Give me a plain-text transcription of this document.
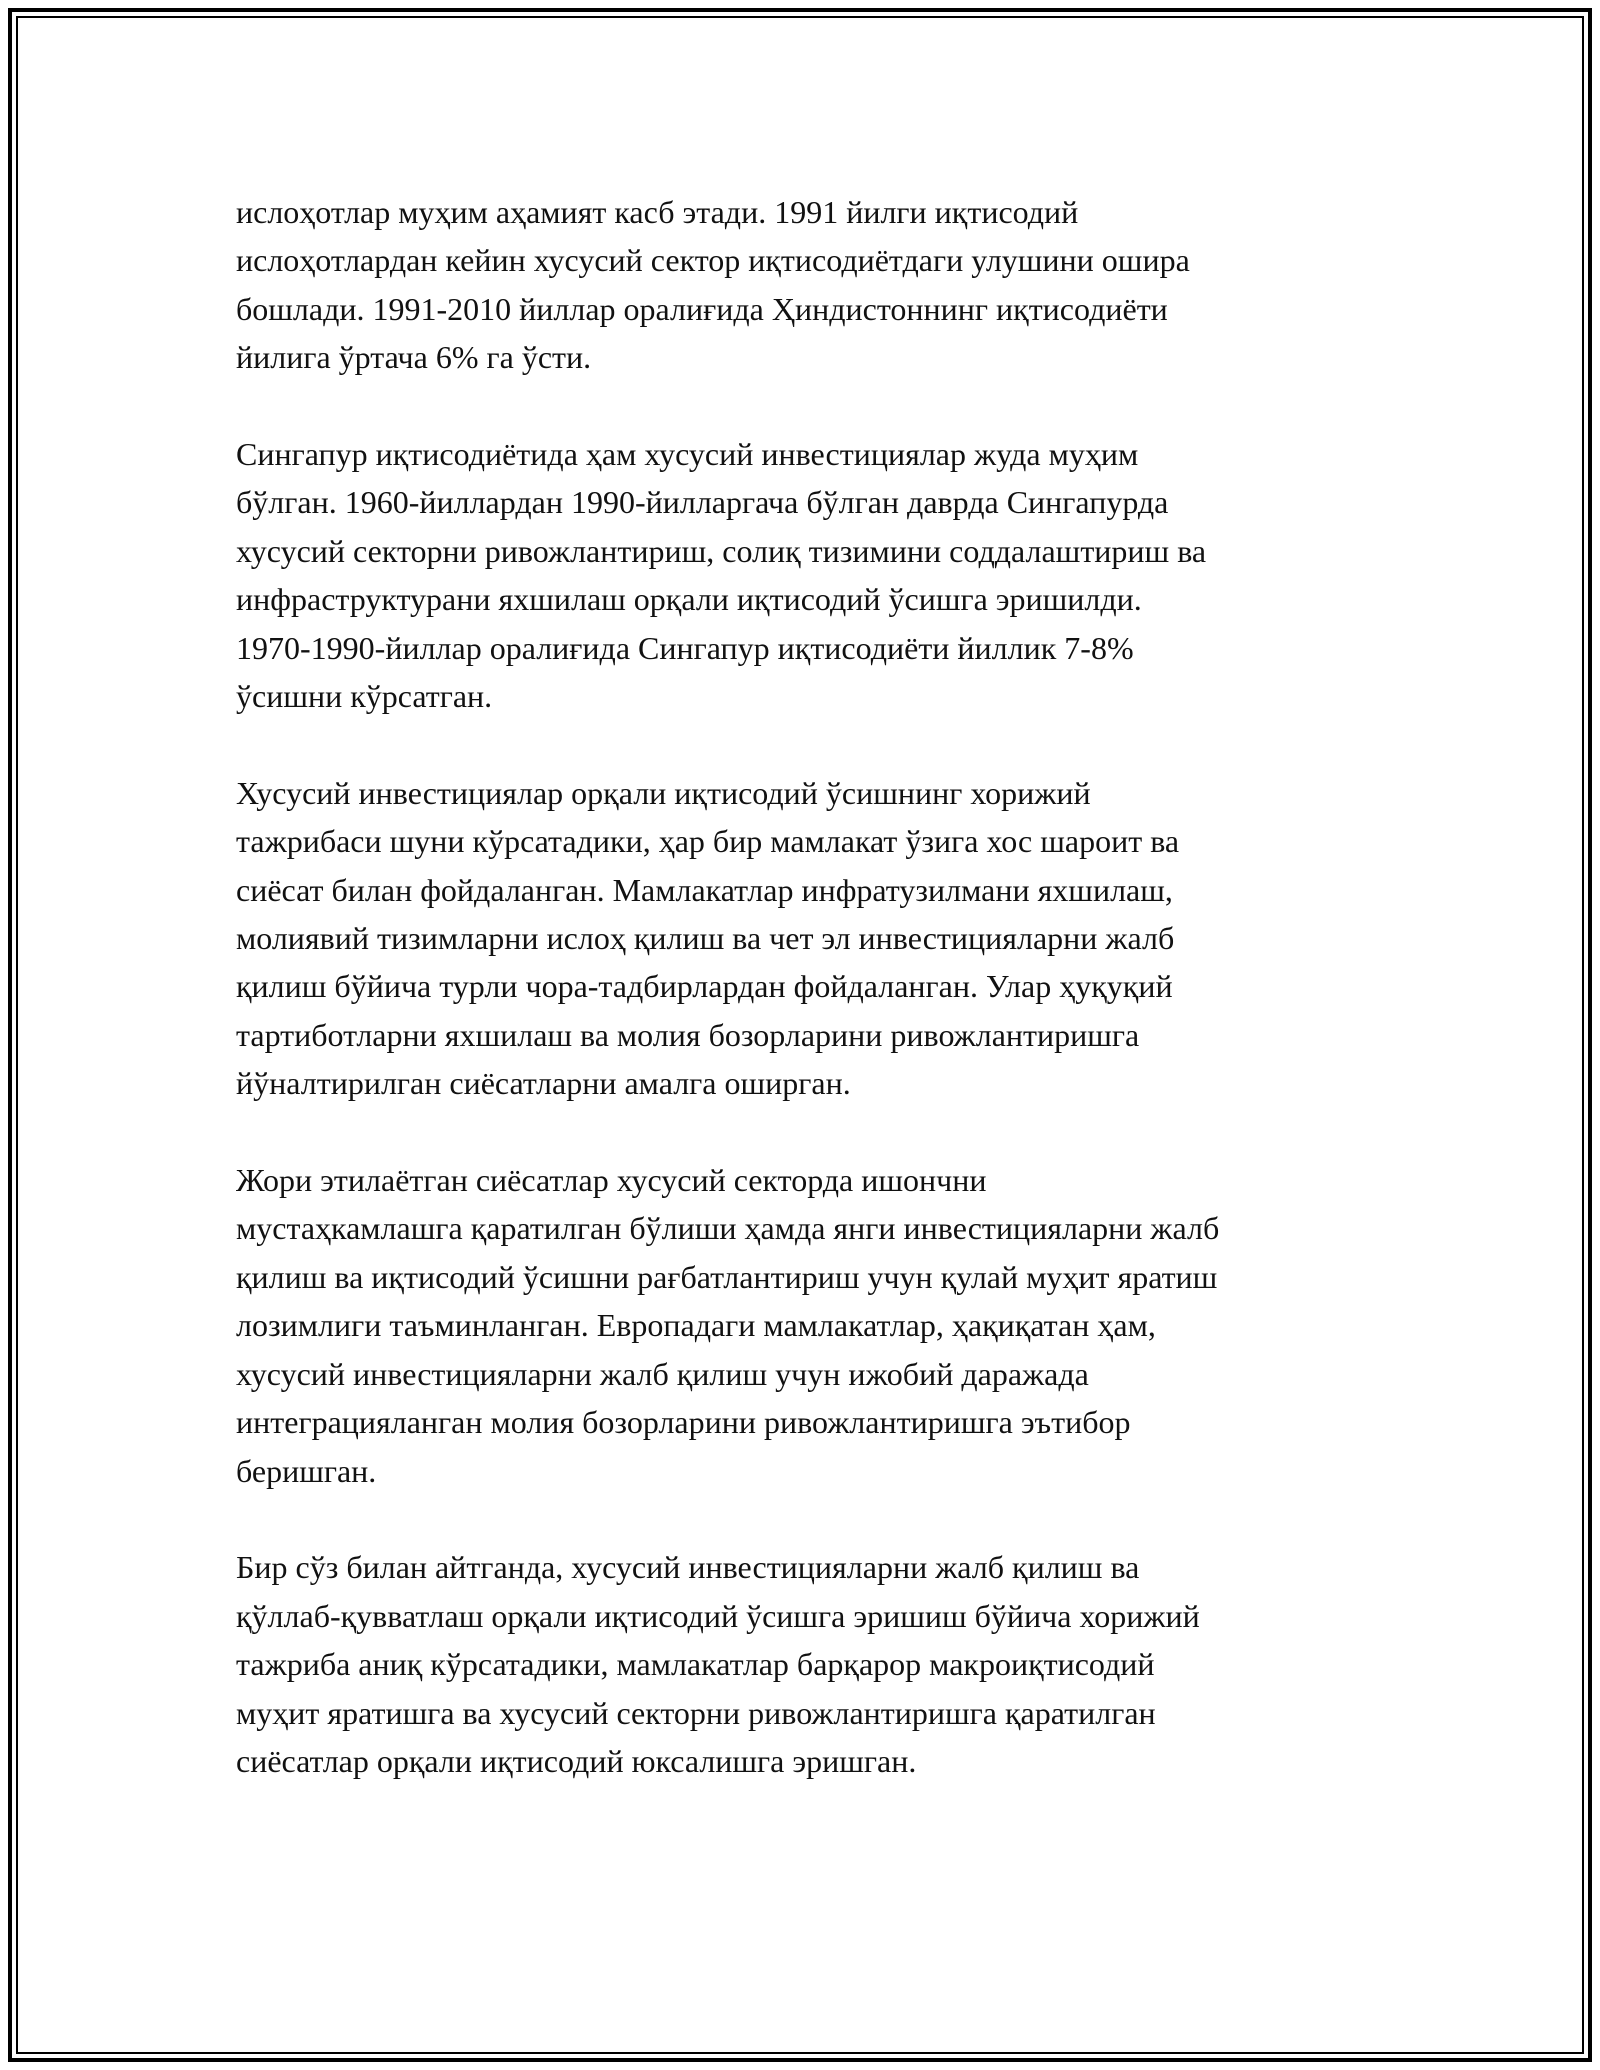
ислоҳотлар муҳим аҳамият касб этади. 1991 йилги иқтисодий
ислоҳотлардан кейин хусусий сектор иқтисодиётдаги улушини ошира
бошлади. 1991-2010 йиллар оралиғида Ҳиндистоннинг иқтисодиёти
йилига ўртача 6% га ўсти.

Сингапур иқтисодиётида ҳам хусусий инвестициялар жуда муҳим
бўлган. 1960-йиллардан 1990-йилларгача бўлган даврда Сингапурда
хусусий секторни ривожлантириш, солиқ тизимини соддалаштириш ва
инфраструктурани яхшилаш орқали иқтисодий ўсишга эришилди.
1970-1990-йиллар оралиғида Сингапур иқтисодиёти йиллик 7-8%
ўсишни кўрсатган.

Хусусий инвестициялар орқали иқтисодий ўсишнинг хорижий
тажрибаси шуни кўрсатадики, ҳар бир мамлакат ўзига хос шароит ва
сиёсат билан фойдаланган. Мамлакатлар инфратузилмани яхшилаш,
молиявий тизимларни ислоҳ қилиш ва чет эл инвестицияларни жалб
қилиш бўйича турли чора-тадбирлардан фойдаланган. Улар ҳуқуқий
тартиботларни яхшилаш ва молия бозорларини ривожлантиришга
йўналтирилган сиёсатларни амалга оширган.

Жори этилаётган сиёсатлар хусусий секторда ишончни
мустаҳкамлашга қаратилган бўлиши ҳамда янги инвестицияларни жалб
қилиш ва иқтисодий ўсишни рағбатлантириш учун қулай муҳит яратиш
лозимлиги таъминланган. Европадаги мамлакатлар, ҳақиқатан ҳам,
хусусий инвестицияларни жалб қилиш учун ижобий даражада
интеграцияланган молия бозорларини ривожлантиришга эътибор
беришган.

Бир сўз билан айтганда, хусусий инвестицияларни жалб қилиш ва
қўллаб-қувватлаш орқали иқтисодий ўсишга эришиш бўйича хорижий
тажриба аниқ кўрсатадики, мамлакатлар барқарор макроиқтисодий
муҳит яратишга ва хусусий секторни ривожлантиришга қаратилган
сиёсатлар орқали иқтисодий юксалишга эришган.
